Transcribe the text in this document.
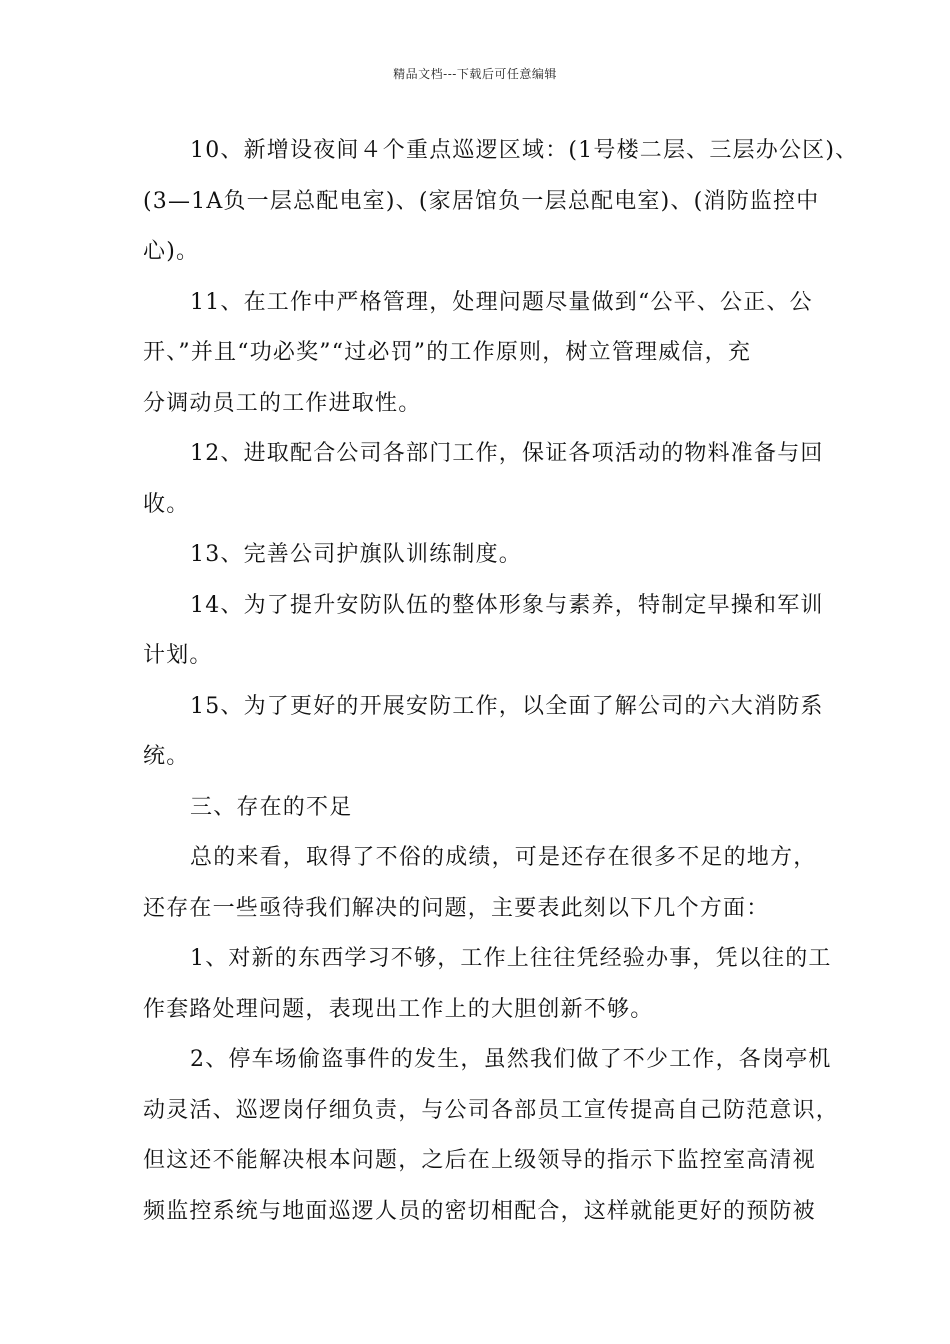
精品文档---下载后可任意编辑
10、新增设夜间４个重点巡逻区域：(1号楼二层、三层办公区)、
(3—1A负一层总配电室)、(家居馆负一层总配电室)、(消防监控中
心)。
11、在工作中严格管理，处理问题尽量做到“公平、公正、公
开、”并且“功必奖”“过必罚”的工作原则，树立管理威信，充
分调动员工的工作进取性。
12、进取配合公司各部门工作，保证各项活动的物料准备与回
收。
13、完善公司护旗队训练制度。
14、为了提升安防队伍的整体形象与素养，特制定早操和军训
计划。
15、为了更好的开展安防工作，以全面了解公司的六大消防系
统。
三、存在的不足
总的来看，取得了不俗的成绩，可是还存在很多不足的地方，
还存在一些亟待我们解决的问题，主要表此刻以下几个方面：
1、对新的东西学习不够，工作上往往凭经验办事，凭以往的工
作套路处理问题，表现出工作上的大胆创新不够。
2、停车场偷盗事件的发生，虽然我们做了不少工作，各岗亭机
动灵活、巡逻岗仔细负责，与公司各部员工宣传提高自己防范意识，
但这还不能解决根本问题，之后在上级领导的指示下监控室高清视
频监控系统与地面巡逻人员的密切相配合，这样就能更好的预防被
